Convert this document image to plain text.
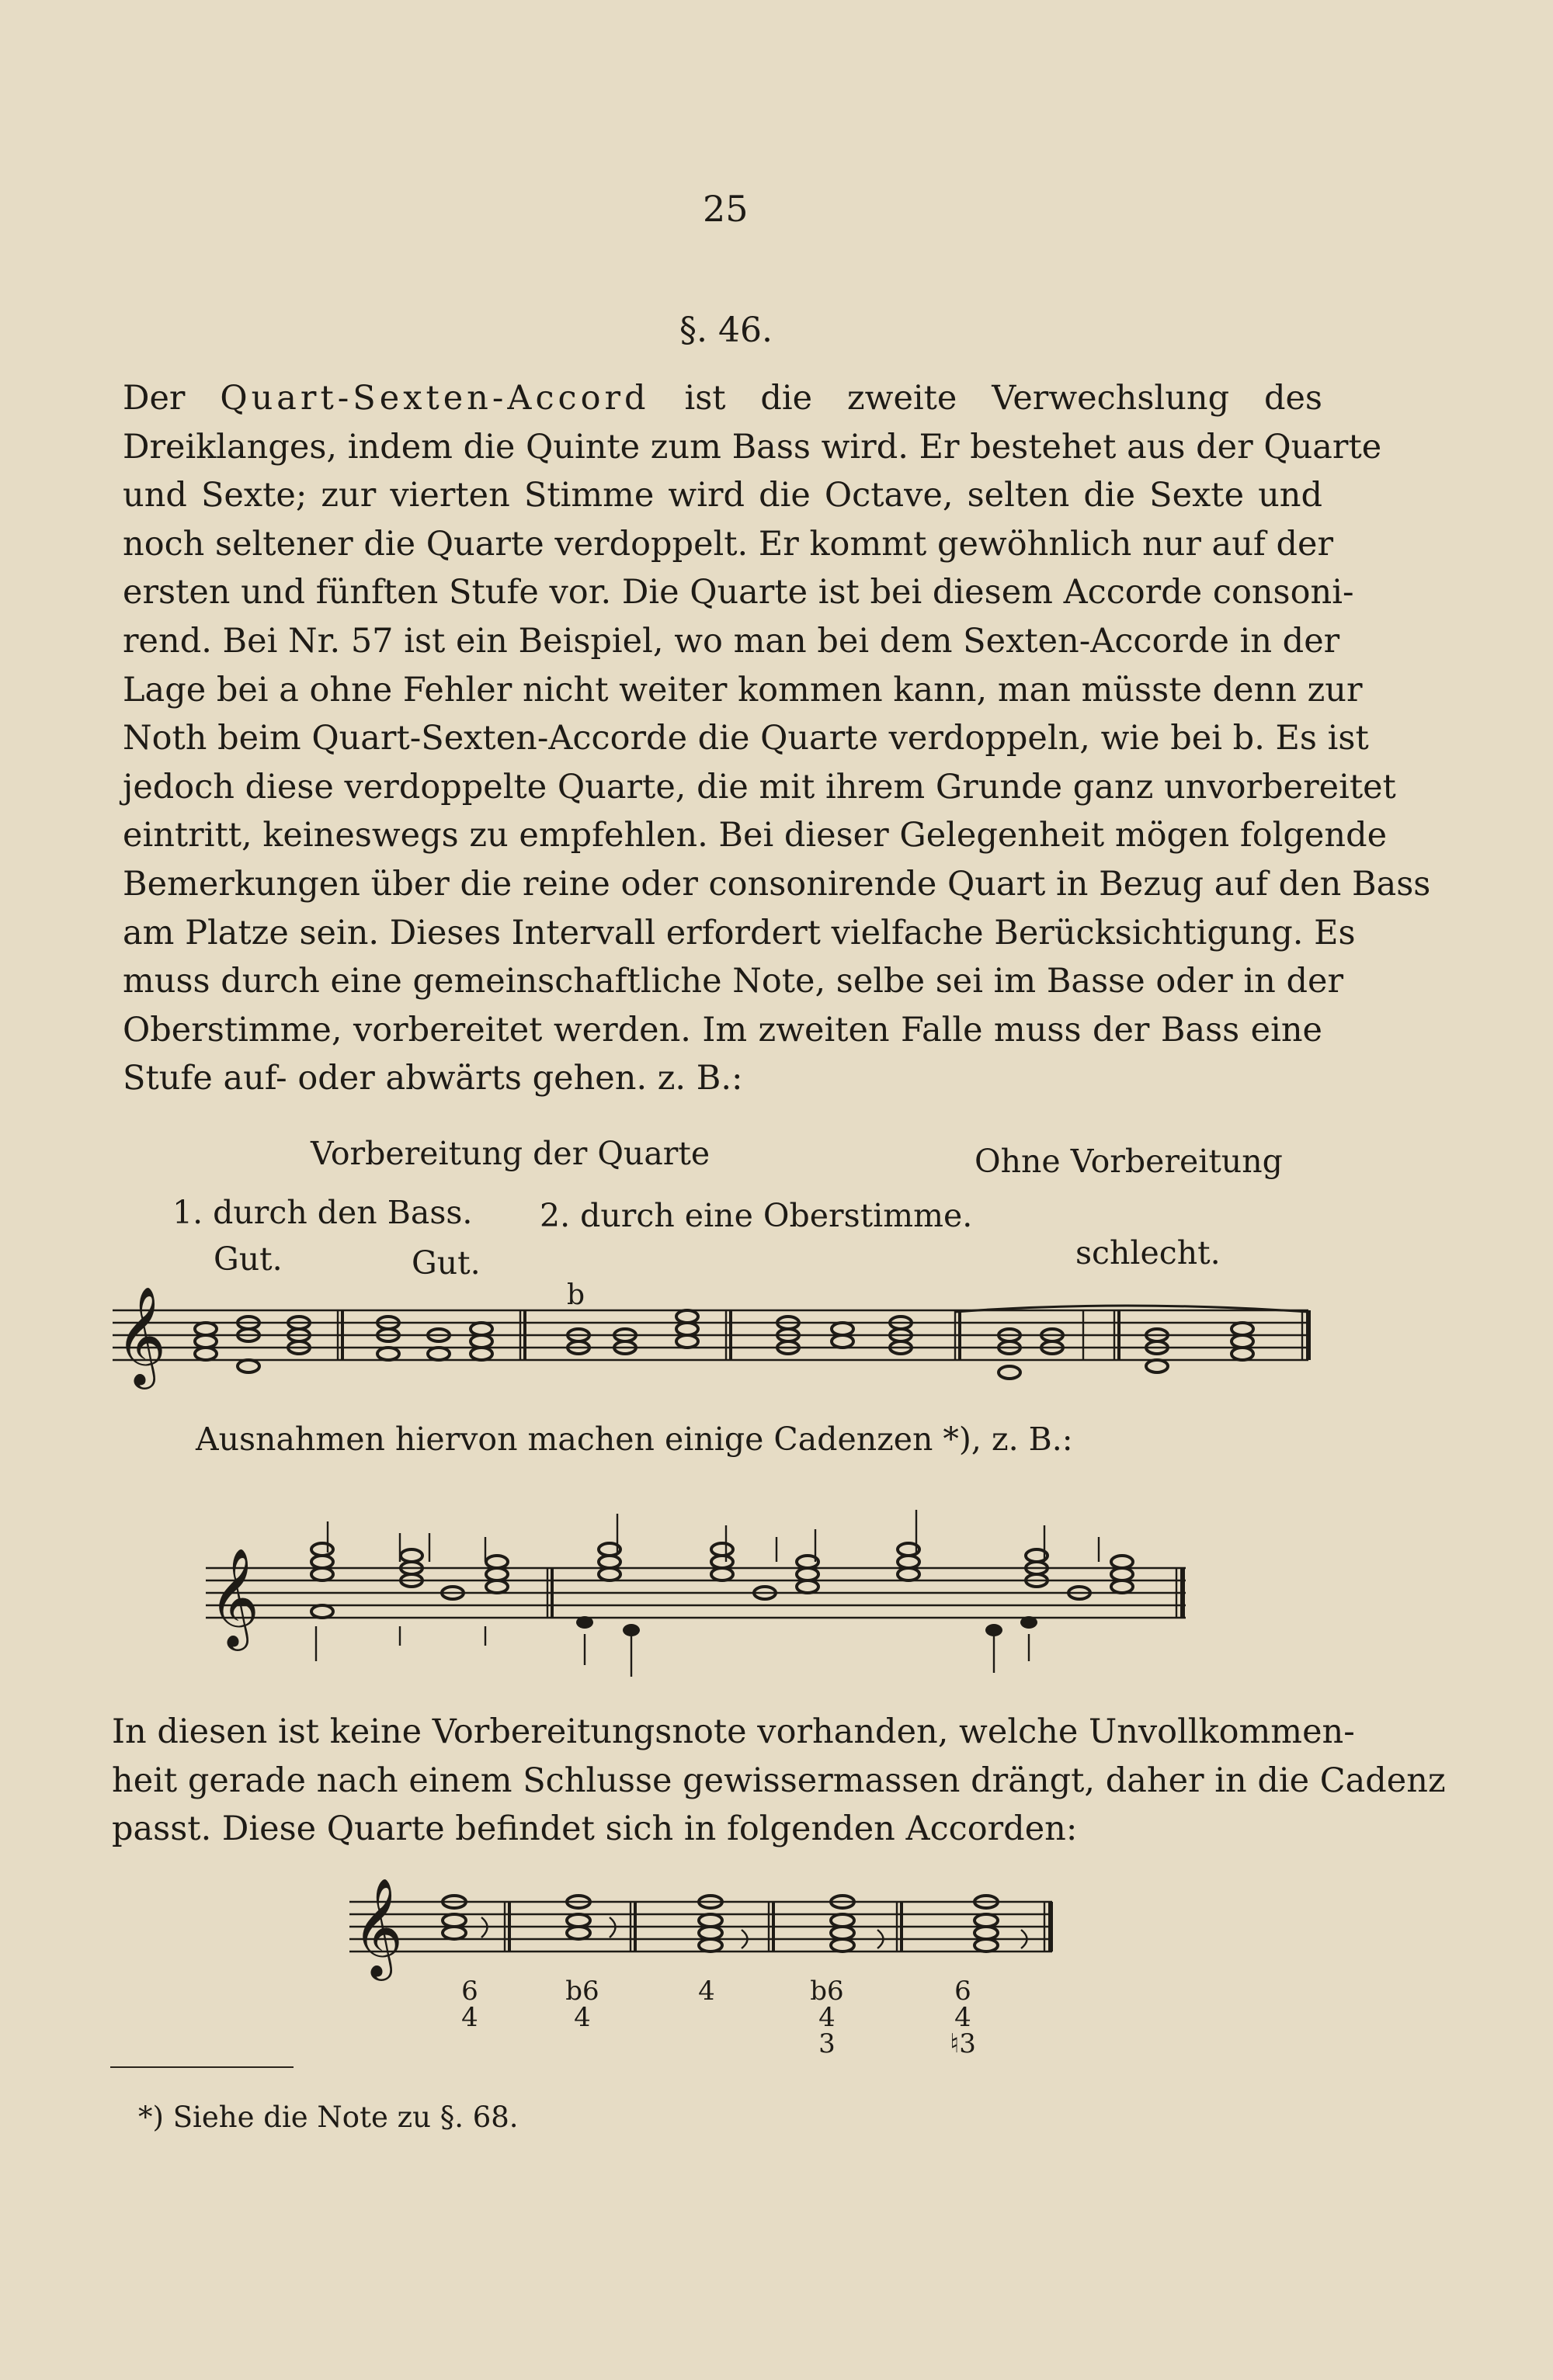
25
§. 46.
Der Quart-Sexten-Accord ist die zweite Verwechslung des
Dreiklanges, indem die Quinte zum Bass wird. Er bestehet aus der Quarte
und Sexte; zur vierten Stimme wird die Octave, selten die Sexte und
noch seltener die Quarte verdoppelt. Er kommt gewöhnlich nur auf der
ersten und fünften Stufe vor. Die Quarte ist bei diesem Accorde consoni-
rend. Bei Nr. 57 ist ein Beispiel, wo man bei dem Sexten-Accorde in der
Lage bei a ohne Fehler nicht weiter kommen kann, man müsste denn zur
Noth beim Quart-Sexten-Accorde die Quarte verdoppeln, wie bei b. Es ist
jedoch diese verdoppelte Quarte, die mit ihrem Grunde ganz unvorbereitet
eintritt, keineswegs zu empfehlen. Bei dieser Gelegenheit mögen folgende
Bemerkungen über die reine oder consonirende Quart in Bezug auf den Bass
am Platze sein. Dieses Intervall erfordert vielfache Berücksichtigung. Es
muss durch eine gemeinschaftliche Note, selbe sei im Basse oder in der
Oberstimme, vorbereitet werden. Im zweiten Falle muss der Bass eine
Stufe auf- oder abwärts gehen. z. B.:
Vorbereitung der Quarte	Ohne Vorbereitung
1. durch den Bass. 2. durch eine Oberstimme.
Gut.	Gut.	schlecht.
b
𝄞
Ausnahmen hiervon machen einige Cadenzen *), z. B.:
𝄞
In diesen ist keine Vorbereitungsnote vorhanden, welche Unvollkommen-
heit gerade nach einem Schlusse gewissermassen drängt, daher in die Cadenz
passt. Diese Quarte befindet sich in folgenden Accorden:
𝄞
6
4
b6
4
4	b6
4
3
6
4
♮3
*) Siehe die Note zu §. 68.
